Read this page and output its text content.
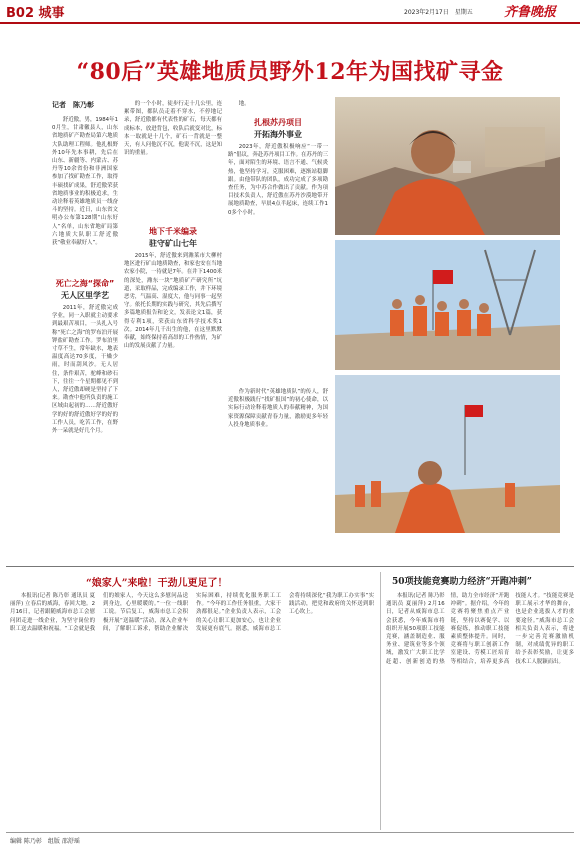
B02 城事	2023年2月17日　星期五 齐鲁晚报
“80后”英雄地质员野外12年为国找矿寻金
记者　陈乃彰
舒近傲，男，1984年10月生，甘肃徽县人，山东省地质矿产勘查局第六地质大队助理工程师。他扎根野外10年先本事耕，先后在山东、新疆等、内蒙古、苏丹等10余省份和非洲国家参加了找矿勘查工作，取得丰硕找矿成果，舒近傲荣获省地质事业的积极追求，生动诠释着英雄地质员一线奋斗的坚持。近日，山东省文明办公布第128期“山东好人”名单，山东省地矿局第六地质大队职工舒近傲获“敬业奉献好人”。
死亡之海“探命”
无人区里学艺
2011年，舒近傲完成学业，同一入职就主动要求到最艰苦项目，一头扎入号称“死亡之海”的罗布泊开展钾盐矿勘查工作。罗布泊里寸草不生，常年缺水，地表温度高达70多度，干燥少雨，时而刮风沙。无人居住，条件艰苦，驼峰和砂石下，往往一个星期都见不到人，舒近傲却硬是坚持了下来。勘查中他所负责的施工区域由起初的……舒近傲好学的好的舒近傲好学的好的工作人员，吃苦工作，在野外一呆就是好几个月。
的一个小时，徒步行走十几公里，连累带图，都队员走着不穿水，不停地记录，舒近傲都有代表性的矿石，每天都有成标本，放进背包，收队后就变对比，标本一取就是十几个，矿石一背就是一整天，有人问他沉不沉，他说不沉，这是知识的重量。
地下千米编录
驻守矿山七年
2015年，舒近傲来到潍莱市大柳村地区进行矿山地质勘查，和家也安在当地农家小院，一待就是7年。在井下1400米的深处，潍东一块“地质矿产研究所”坑道，采取样品，完成编录工作，井下环境恶劣，气温高、湿度大，他与同事一起坚守。依托长期的实践与研究，其先后撰写多篇地质报告和论文，发表论文1篇，获得专利1项，荣获山东省科学技术奖1次。2014年几千出生的他，在这里默默奉献，始终保持着高昂的工作热情，为矿山的发展贡献了力量。
地。
扎根苏丹项目
开拓海外事业
2023年，舒近傲积极响应“一带一路”倡议，奔赴苏丹项目工作。在苏丹的三年，面对陌生的环境、语言不通、气候炎热，他坚持学习，克服困难，逐渐站稳脚跟。由他带队的团队，成功完成了多项勘查任务，为中苏合作做出了贡献。作为项目技术负责人，舒近傲在苏丹沙漠地带开展地质勘查，早晨4点半起床，连续工作10多个小时。
作为新时代“英雄地质队”的传人，舒近傲积极践行“找矿报国”的初心使命，以实际行动诠释着地质人的奉献精神，为国家资源保障贡献青春力量，激励更多年轻人投身地质事业。
“娘家人”来啦！干劲儿更足了！
本报讯(记者 陈乃彰 通讯员 夏丽萍) 立春后的威海，春回大地。2月16日，记者跟随威海市总工会慰问团走进一线企业，为坚守岗位的职工送去温暖和祝福。“工会就是我们的娘家人，今天这么多慰问品送到身边，心里暖暖的。”一位一线职工说。节后复工，威海市总工会积极开展“送温暖”活动，深入企业车间，了解职工诉求，帮助企业解决实际困难，持续优化服务职工工作。“今年的工作任务很重，大家干劲都很足。”企业负责人表示，工会的关心让职工更加安心，也让企业发展更有底气。据悉，威海市总工会将持续深化“我为职工办实事”实践活动，把党和政府的关怀送到职工心坎上。
50项技能竞赛助力经济“开跑冲刺”
本报讯(记者 陈乃彰 通讯员 夏丽萍) 2月16日，记者从威海市总工会获悉，今年威海市将组织开展50项职工技能竞赛，涵盖制造业、服务业、建筑业等多个领域，激发广大职工比学赶超、创新创造的热情，助力全市经济“开跑冲刺”。据介绍，今年的竞赛将聚焦重点产业链，坚持以赛促学、以赛促练，推动职工技能素质整体提升。同时，竞赛将与职工创新工作室建设、劳模工匠培育等相结合，培养更多高技能人才。“技能竞赛是职工展示才华的舞台，也是企业选拔人才的重要途径。”威海市总工会相关负责人表示，将进一步完善竞赛激励机制，对成绩优异的职工给予表彰奖励，让更多技术工人脱颖而出。
编辑 陈乃彰　组版 邵舒瑶
